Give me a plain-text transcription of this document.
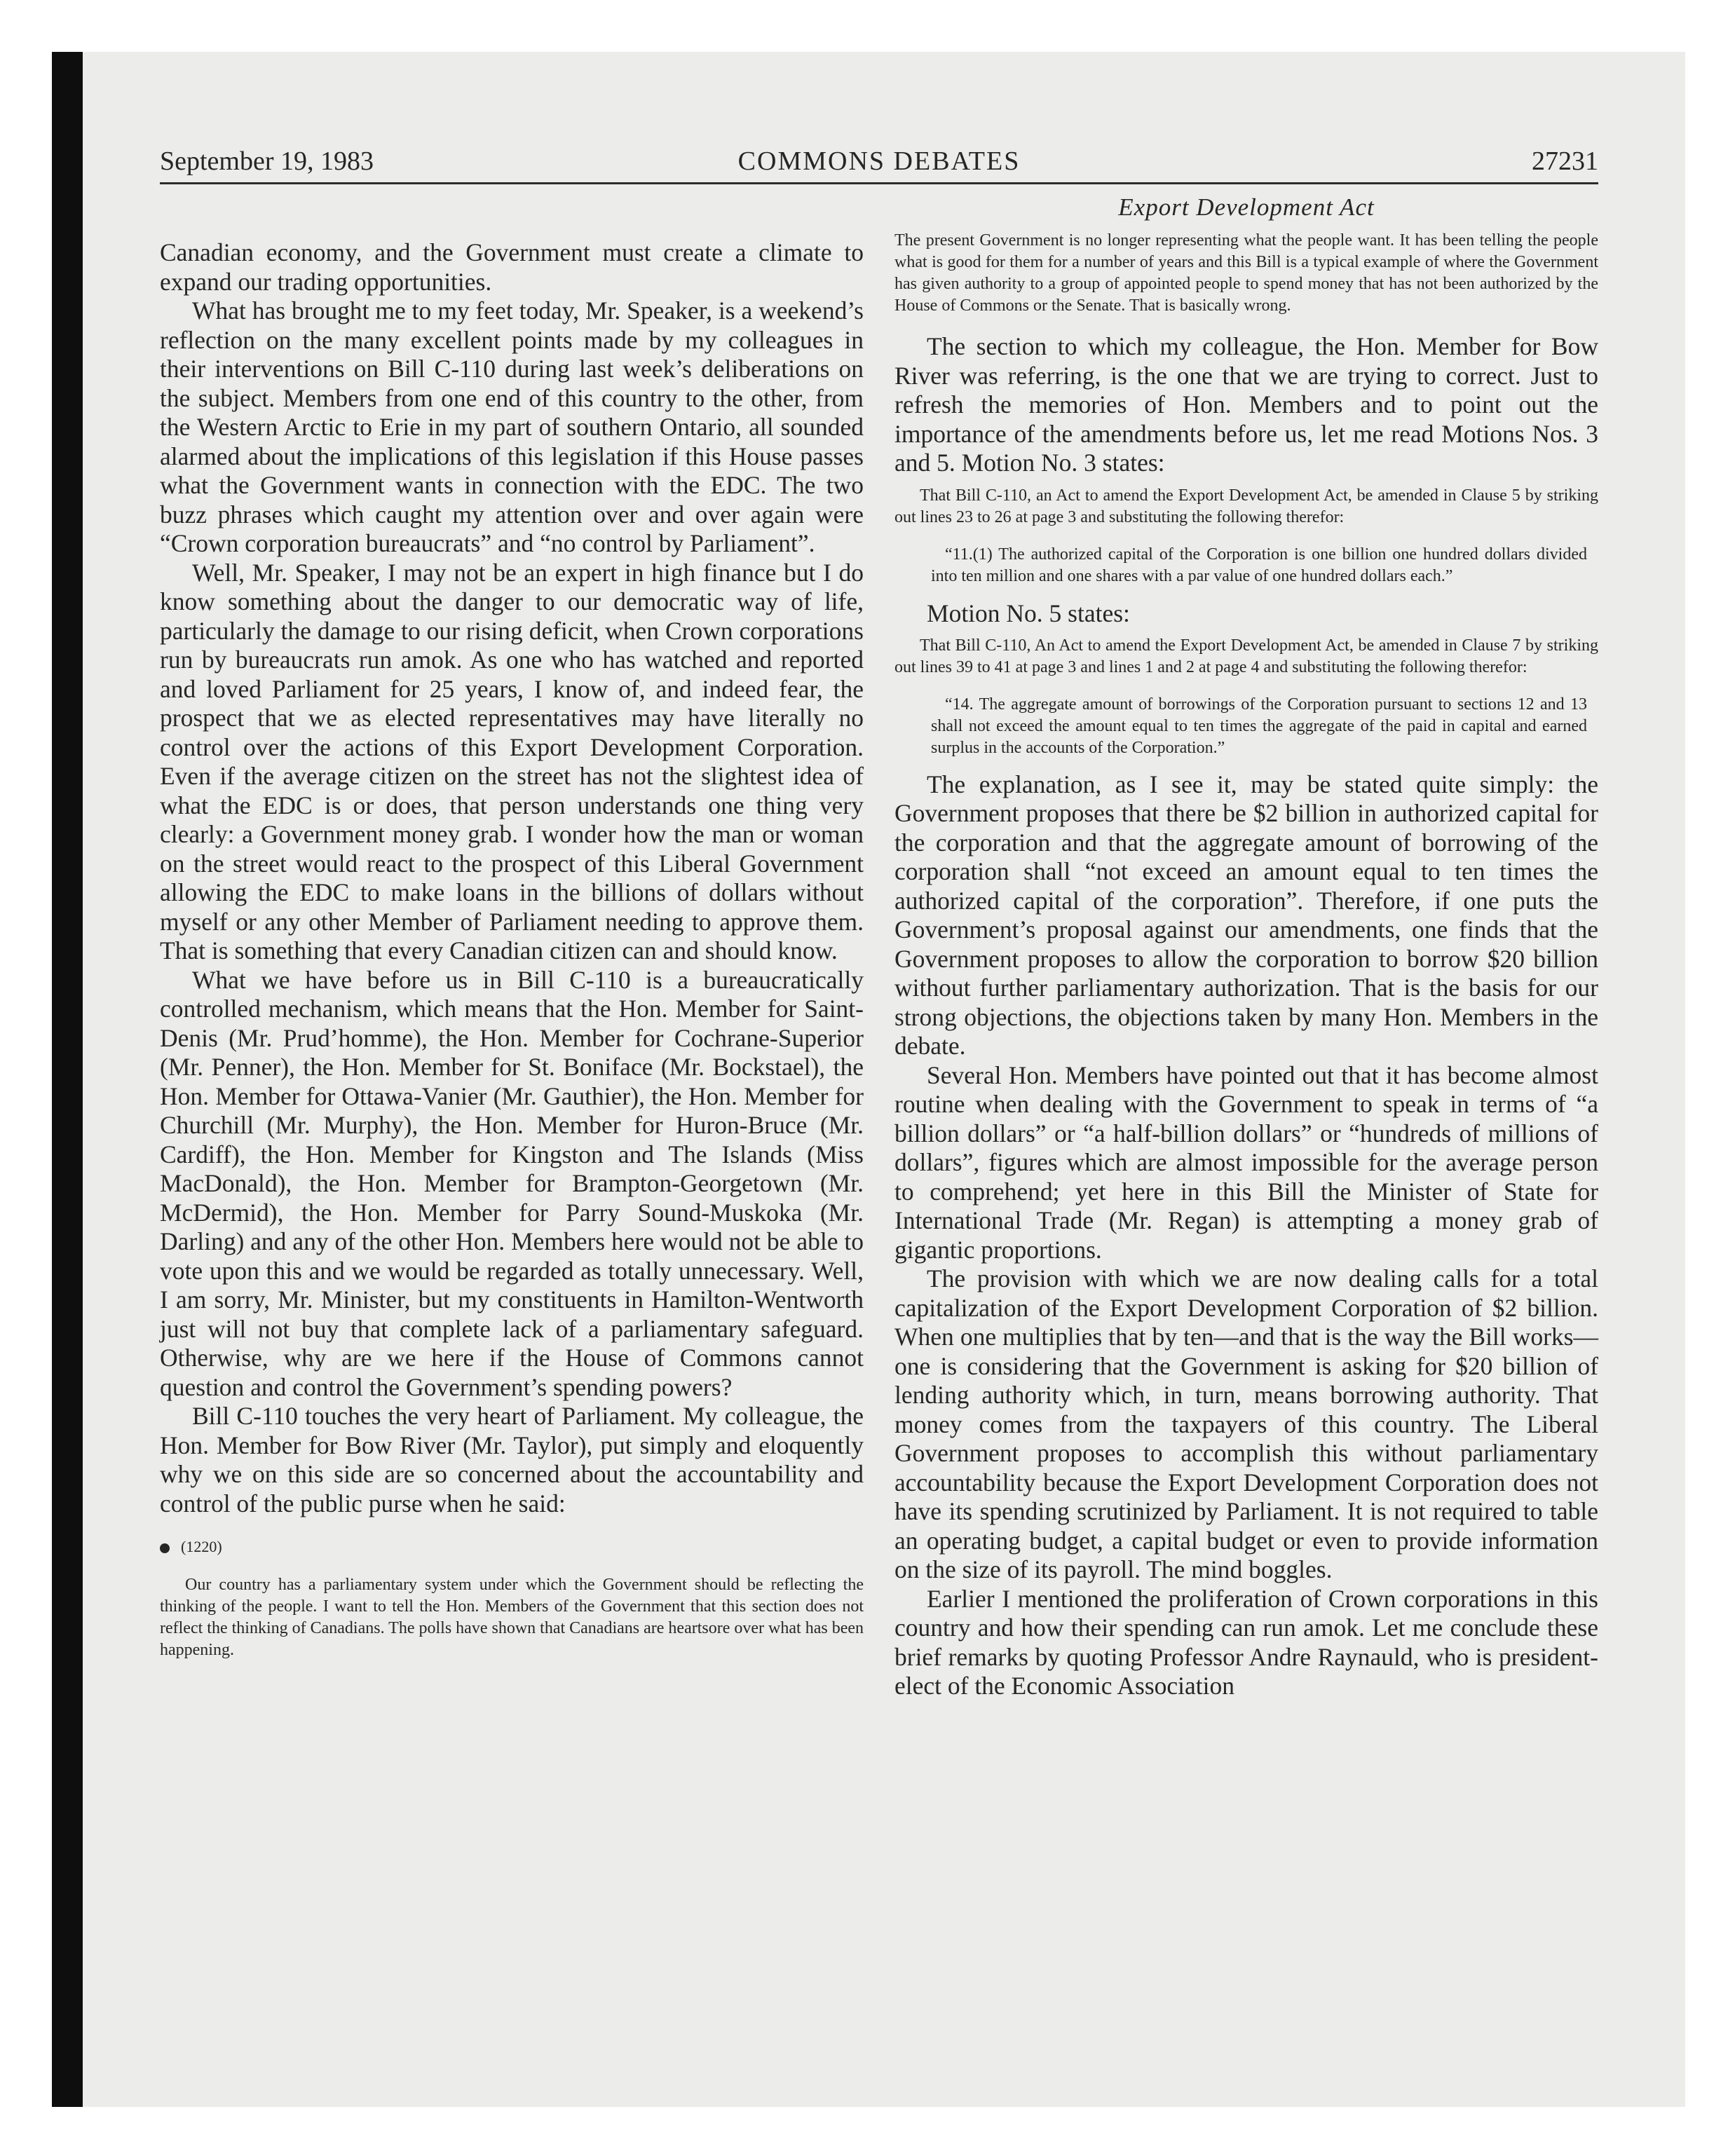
September 19, 1983	COMMONS DEBATES	27231

Canadian economy, and the Government must create a climate to expand our trading opportunities.

What has brought me to my feet today, Mr. Speaker, is a weekend’s reflection on the many excellent points made by my colleagues in their interventions on Bill C-110 during last week’s deliberations on the subject. Members from one end of this country to the other, from the Western Arctic to Erie in my part of southern Ontario, all sounded alarmed about the implications of this legislation if this House passes what the Government wants in connection with the EDC. The two buzz phrases which caught my attention over and over again were “Crown corporation bureaucrats” and “no control by Parliament”.

Well, Mr. Speaker, I may not be an expert in high finance but I do know something about the danger to our democratic way of life, particularly the damage to our rising deficit, when Crown corporations run by bureaucrats run amok. As one who has watched and reported and loved Parliament for 25 years, I know of, and indeed fear, the prospect that we as elected representatives may have literally no control over the actions of this Export Development Corporation. Even if the average citizen on the street has not the slightest idea of what the EDC is or does, that person understands one thing very clearly: a Government money grab. I wonder how the man or woman on the street would react to the prospect of this Liberal Government allowing the EDC to make loans in the billions of dollars without myself or any other Member of Parliament needing to approve them. That is something that every Canadian citizen can and should know.

What we have before us in Bill C-110 is a bureaucratically controlled mechanism, which means that the Hon. Member for Saint-Denis (Mr. Prud’homme), the Hon. Member for Cochrane-Superior (Mr. Penner), the Hon. Member for St. Boniface (Mr. Bockstael), the Hon. Member for Ottawa-Vanier (Mr. Gauthier), the Hon. Member for Churchill (Mr. Murphy), the Hon. Member for Huron-Bruce (Mr. Cardiff), the Hon. Member for Kingston and The Islands (Miss MacDonald), the Hon. Member for Brampton-Georgetown (Mr. McDermid), the Hon. Member for Parry Sound-Muskoka (Mr. Darling) and any of the other Hon. Members here would not be able to vote upon this and we would be regarded as totally unnecessary. Well, I am sorry, Mr. Minister, but my constituents in Hamilton-Wentworth just will not buy that complete lack of a parliamentary safeguard. Otherwise, why are we here if the House of Commons cannot question and control the Government’s spending powers?

Bill C-110 touches the very heart of Parliament. My colleague, the Hon. Member for Bow River (Mr. Taylor), put simply and eloquently why we on this side are so concerned about the accountability and control of the public purse when he said:

(1220)

Our country has a parliamentary system under which the Government should be reflecting the thinking of the people. I want to tell the Hon. Members of the Government that this section does not reflect the thinking of Canadians. The polls have shown that Canadians are heartsore over what has been happening.

Export Development Act

The present Government is no longer representing what the people want. It has been telling the people what is good for them for a number of years and this Bill is a typical example of where the Government has given authority to a group of appointed people to spend money that has not been authorized by the House of Commons or the Senate. That is basically wrong.

The section to which my colleague, the Hon. Member for Bow River was referring, is the one that we are trying to correct. Just to refresh the memories of Hon. Members and to point out the importance of the amendments before us, let me read Motions Nos. 3 and 5. Motion No. 3 states:

That Bill C-110, an Act to amend the Export Development Act, be amended in Clause 5 by striking out lines 23 to 26 at page 3 and substituting the following therefor:

“11.(1) The authorized capital of the Corporation is one billion one hundred dollars divided into ten million and one shares with a par value of one hundred dollars each.”

Motion No. 5 states:

That Bill C-110, An Act to amend the Export Development Act, be amended in Clause 7 by striking out lines 39 to 41 at page 3 and lines 1 and 2 at page 4 and substituting the following therefor:

“14. The aggregate amount of borrowings of the Corporation pursuant to sections 12 and 13 shall not exceed the amount equal to ten times the aggregate of the paid in capital and earned surplus in the accounts of the Corporation.”

The explanation, as I see it, may be stated quite simply: the Government proposes that there be $2 billion in authorized capital for the corporation and that the aggregate amount of borrowing of the corporation shall “not exceed an amount equal to ten times the authorized capital of the corporation”. Therefore, if one puts the Government’s proposal against our amendments, one finds that the Government proposes to allow the corporation to borrow $20 billion without further parliamentary authorization. That is the basis for our strong objections, the objections taken by many Hon. Members in the debate.

Several Hon. Members have pointed out that it has become almost routine when dealing with the Government to speak in terms of “a billion dollars” or “a half-billion dollars” or “hundreds of millions of dollars”, figures which are almost impossible for the average person to comprehend; yet here in this Bill the Minister of State for International Trade (Mr. Regan) is attempting a money grab of gigantic proportions.

The provision with which we are now dealing calls for a total capitalization of the Export Development Corporation of $2 billion. When one multiplies that by ten—and that is the way the Bill works—one is considering that the Government is asking for $20 billion of lending authority which, in turn, means borrowing authority. That money comes from the taxpayers of this country. The Liberal Government proposes to accomplish this without parliamentary accountability because the Export Development Corporation does not have its spending scrutinized by Parliament. It is not required to table an operating budget, a capital budget or even to provide information on the size of its payroll. The mind boggles.

Earlier I mentioned the proliferation of Crown corporations in this country and how their spending can run amok. Let me conclude these brief remarks by quoting Professor Andre Raynauld, who is president-elect of the Economic Association
